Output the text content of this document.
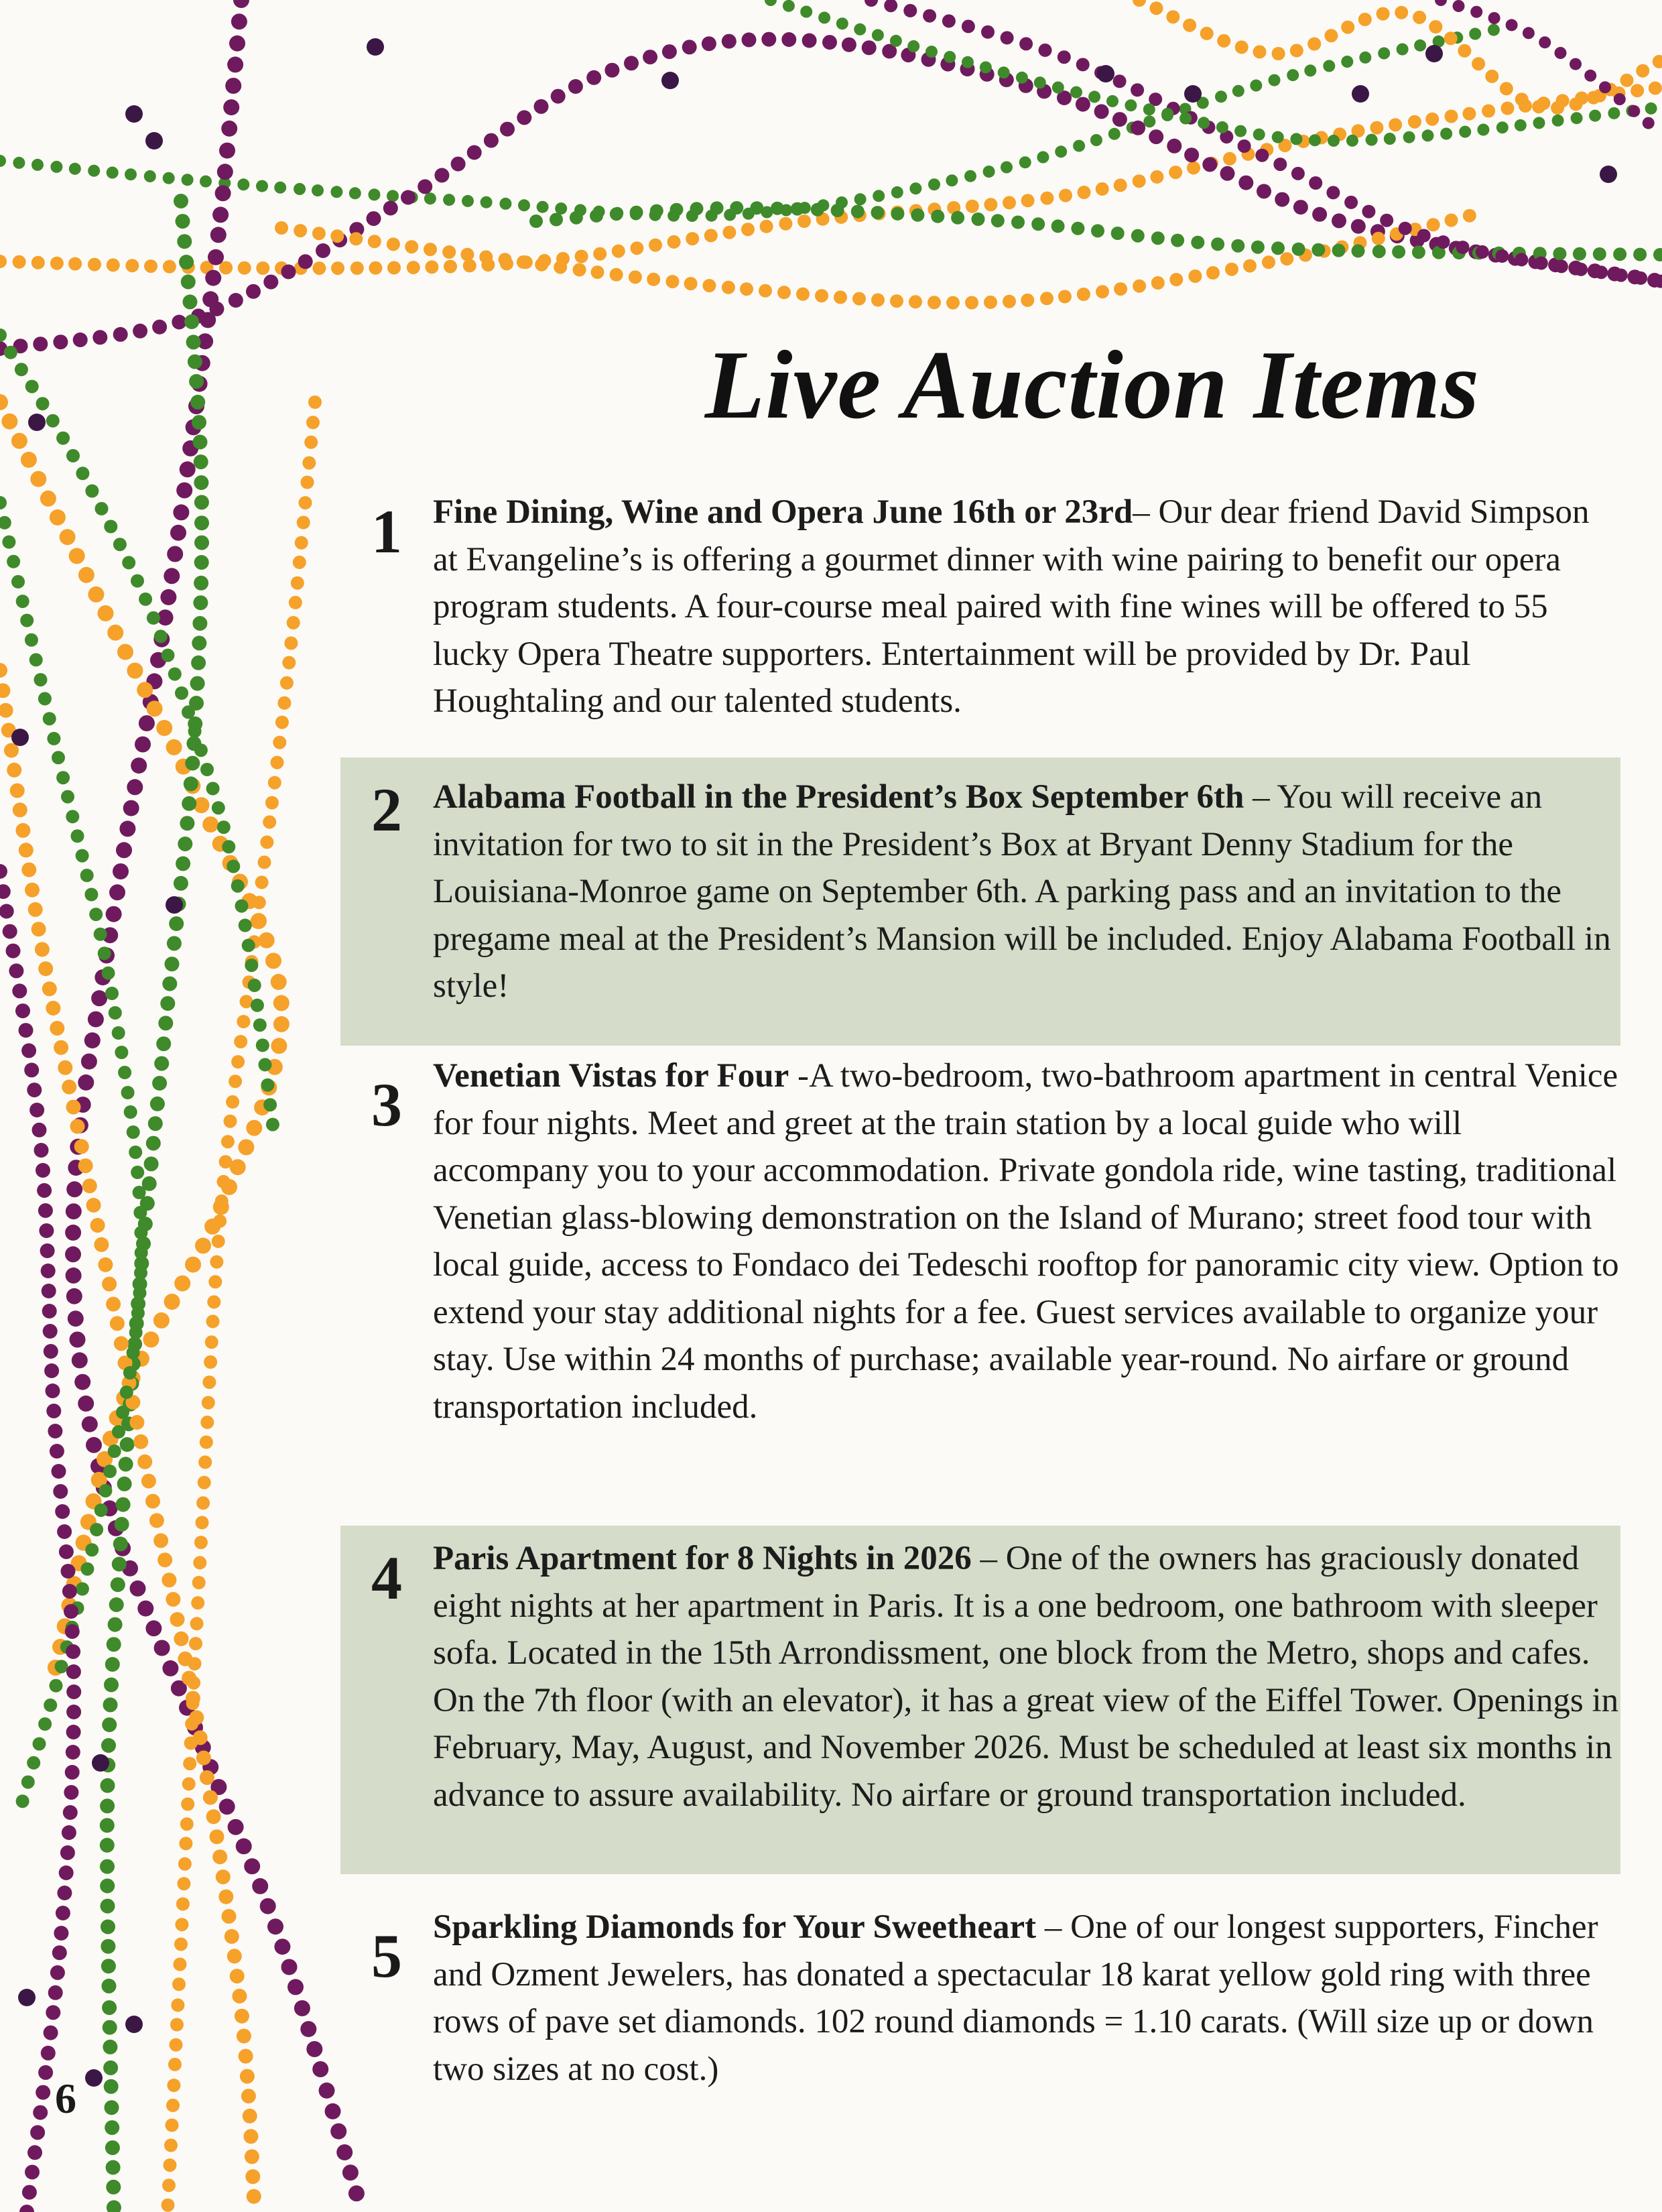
Live Auction Items
1 Fine Dining, Wine and Opera June 16th or 23rd– Our dear friend David Simpson at Evangeline’s is offering a gourmet dinner with wine pairing to benefit our opera program students. A four-course meal paired with fine wines will be offered to 55 lucky Opera Theatre supporters. Entertainment will be provided by Dr. Paul Houghtaling and our talented students.
2 Alabama Football in the President’s Box September 6th – You will receive an invitation for two to sit in the President’s Box at Bryant Denny Stadium for the Louisiana-Monroe game on September 6th. A parking pass and an invitation to the pregame meal at the President’s Mansion will be included. Enjoy Alabama Football in style!
3 Venetian Vistas for Four -A two-bedroom, two-bathroom apartment in central Venice for four nights. Meet and greet at the train station by a local guide who will accompany you to your accommodation. Private gondola ride, wine tasting, traditional Venetian glass-blowing demonstration on the Island of Murano; street food tour with local guide, access to Fondaco dei Tedeschi rooftop for panoramic city view. Option to extend your stay additional nights for a fee. Guest services available to organize your stay. Use within 24 months of purchase; available year-round. No airfare or ground transportation included.
4 Paris Apartment for 8 Nights in 2026 – One of the owners has graciously donated eight nights at her apartment in Paris. It is a one bedroom, one bathroom with sleeper sofa. Located in the 15th Arrondissment, one block from the Metro, shops and cafes. On the 7th floor (with an elevator), it has a great view of the Eiffel Tower. Openings in February, May, August, and November 2026. Must be scheduled at least six months in advance to assure availability. No airfare or ground transportation included.
5 Sparkling Diamonds for Your Sweetheart – One of our longest supporters, Fincher and Ozment Jewelers, has donated a spectacular 18 karat yellow gold ring with three rows of pave set diamonds. 102 round diamonds = 1.10 carats. (Will size up or down two sizes at no cost.)
6
